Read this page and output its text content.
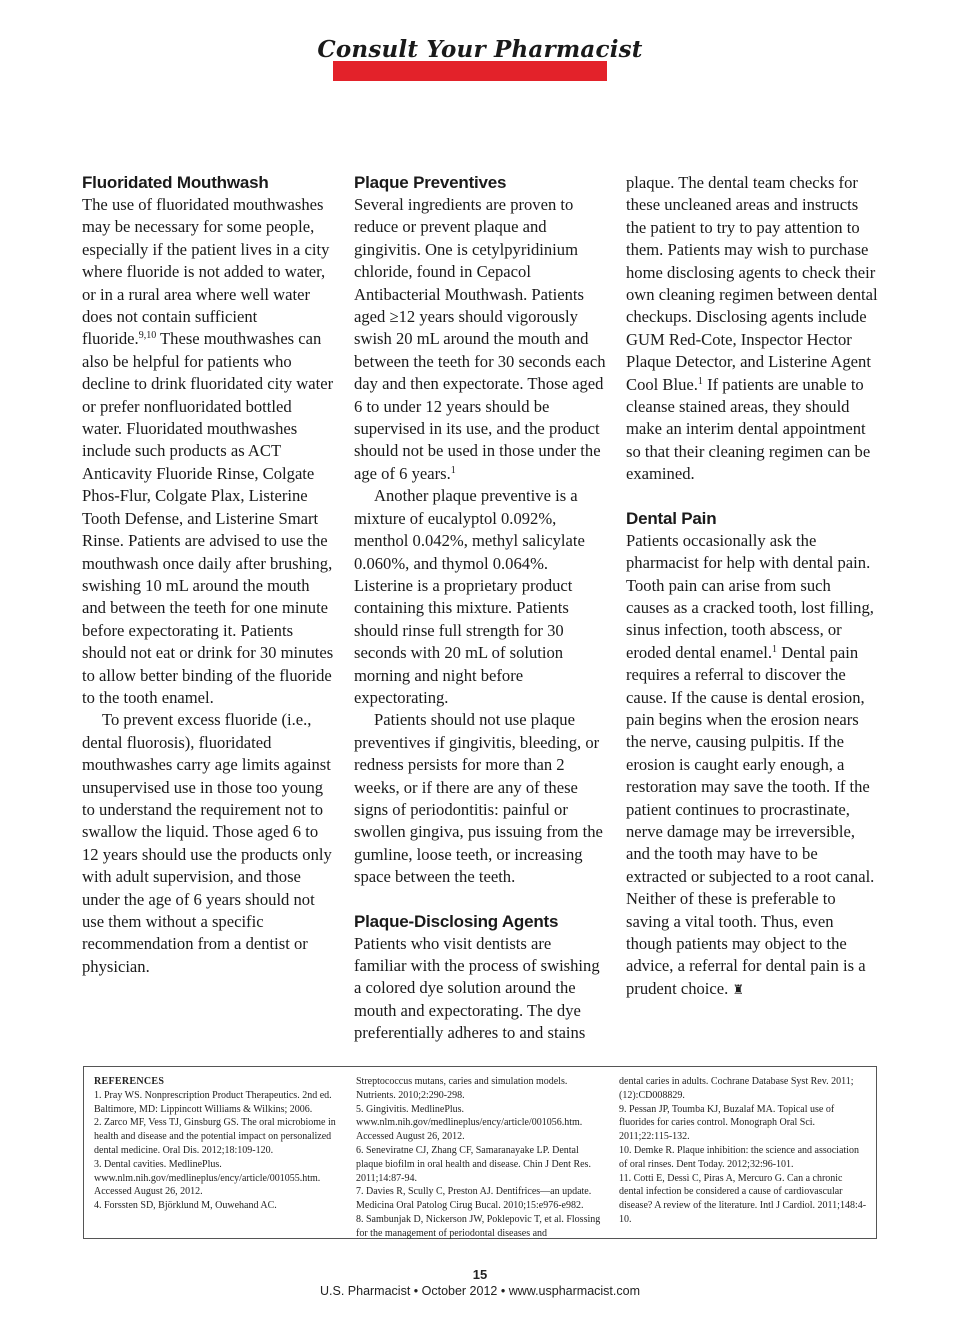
Consult Your Pharmacist
Fluoridated Mouthwash

The use of fluoridated mouthwashes may be necessary for some people, especially if the patient lives in a city where fluoride is not added to water, or in a rural area where well water does not contain sufficient fluoride.$^{9,10}$ These mouthwashes can also be helpful for patients who decline to drink fluoridated city water or prefer nonfluoridated bottled water. Fluoridated mouthwashes include such products as ACT Anticavity Fluoride Rinse, Colgate Phos-Flur, Colgate Plax, Listerine Tooth Defense, and Listerine Smart Rinse. Patients are advised to use the mouthwash once daily after brushing, swishing 10 mL around the mouth and between the teeth for one minute before expectorating it. Patients should not eat or drink for 30 minutes to allow better binding of the fluoride to the tooth enamel.

To prevent excess fluoride (i.e., dental fluorosis), fluoridated mouthwashes carry age limits against unsupervised use in those too young to understand the requirement not to swallow the liquid. Those aged 6 to 12 years should use the products only with adult supervision, and those under the age of 6 years should not use them without a specific recommendation from a dentist or physician.

Plaque Preventives

Several ingredients are proven to reduce or prevent plaque and gingivitis. One is cetylpyridinium chloride, found in Cepacol Antibacterial Mouthwash. Patients aged ≥12 years should vigorously swish 20 mL around the mouth and between the teeth for 30 seconds each day and then expectorate. Those aged 6 to under 12 years should be supervised in its use, and the product should not be used in those under the age of 6 years.$^1$

Another plaque preventive is a mixture of eucalyptol 0.092%, menthol 0.042%, methyl salicylate 0.060%, and thymol 0.064%. Listerine is a proprietary product containing this mixture. Patients should rinse full strength for 30 seconds with 20 mL of solution morning and night before expectorating.

Patients should not use plaque preventives if gingivitis, bleeding, or redness persists for more than 2 weeks, or if there are any of these signs of periodontitis: painful or swollen gingiva, pus issuing from the gumline, loose teeth, or increasing space between the teeth.

Plaque-Disclosing Agents

Patients who visit dentists are familiar with the process of swishing a colored dye solution around the mouth and expectorating. The dye preferentially adheres to and stains

plaque. The dental team checks for these uncleaned areas and instructs the patient to try to pay attention to them. Patients may wish to purchase home disclosing agents to check their own cleaning regimen between dental checkups. Disclosing agents include GUM Red-Cote, Inspector Hector Plaque Detector, and Listerine Agent Cool Blue.$^1$ If patients are unable to cleanse stained areas, they should make an interim dental appointment so that their cleaning regimen can be examined.

Dental Pain

Patients occasionally ask the pharmacist for help with dental pain. Tooth pain can arise from such causes as a cracked tooth, lost filling, sinus infection, tooth abscess, or eroded dental enamel.$^1$ Dental pain requires a referral to discover the cause. If the cause is dental erosion, pain begins when the erosion nears the nerve, causing pulpitis. If the erosion is caught early enough, a restoration may save the tooth. If the patient continues to procrastinate, nerve damage may be irreversible, and the tooth may have to be extracted or subjected to a root canal. Neither of these is preferable to saving a vital tooth. Thus, even though patients may object to the advice, a referral for dental pain is a prudent choice. ♜

REFERENCES

1. Pray WS. Nonprescription Product Therapeutics. 2nd ed. Baltimore, MD: Lippincott Williams & Wilkins; 2006.

2. Zarco MF, Vess TJ, Ginsburg GS. The oral microbiome in health and disease and the potential impact on personalized dental medicine. Oral Dis. 2012;18:109-120.

3. Dental cavities. MedlinePlus. www.nlm.nih.gov/medlineplus/ency/article/001055.htm. Accessed August 26, 2012.

4. Forssten SD, Björklund M, Ouwehand AC.

Streptococcus mutans, caries and simulation models. Nutrients. 2010;2:290-298.

5. Gingivitis. MedlinePlus. www.nlm.nih.gov/medlineplus/ency/article/001056.htm. Accessed August 26, 2012.

6. Seneviratne CJ, Zhang CF, Samaranayake LP. Dental plaque biofilm in oral health and disease. Chin J Dent Res. 2011;14:87-94.

7. Davies R, Scully C, Preston AJ. Dentifrices—an update. Medicina Oral Patolog Cirug Bucal. 2010;15:e976-e982.

8. Sambunjak D, Nickerson JW, Poklepovic T, et al. Flossing for the management of periodontal diseases and

dental caries in adults. Cochrane Database Syst Rev. 2011;(12):CD008829.

9. Pessan JP, Toumba KJ, Buzalaf MA. Topical use of fluorides for caries control. Monograph Oral Sci. 2011;22:115-132.

10. Demke R. Plaque inhibition: the science and association of oral rinses. Dent Today. 2012;32:96-101.

11. Cotti E, Dessì C, Piras A, Mercuro G. Can a chronic dental infection be considered a cause of cardiovascular disease? A review of the literature. Intl J Cardiol. 2011;148:4-10.

15
U.S. Pharmacist • October 2012 • www.uspharmacist.com
